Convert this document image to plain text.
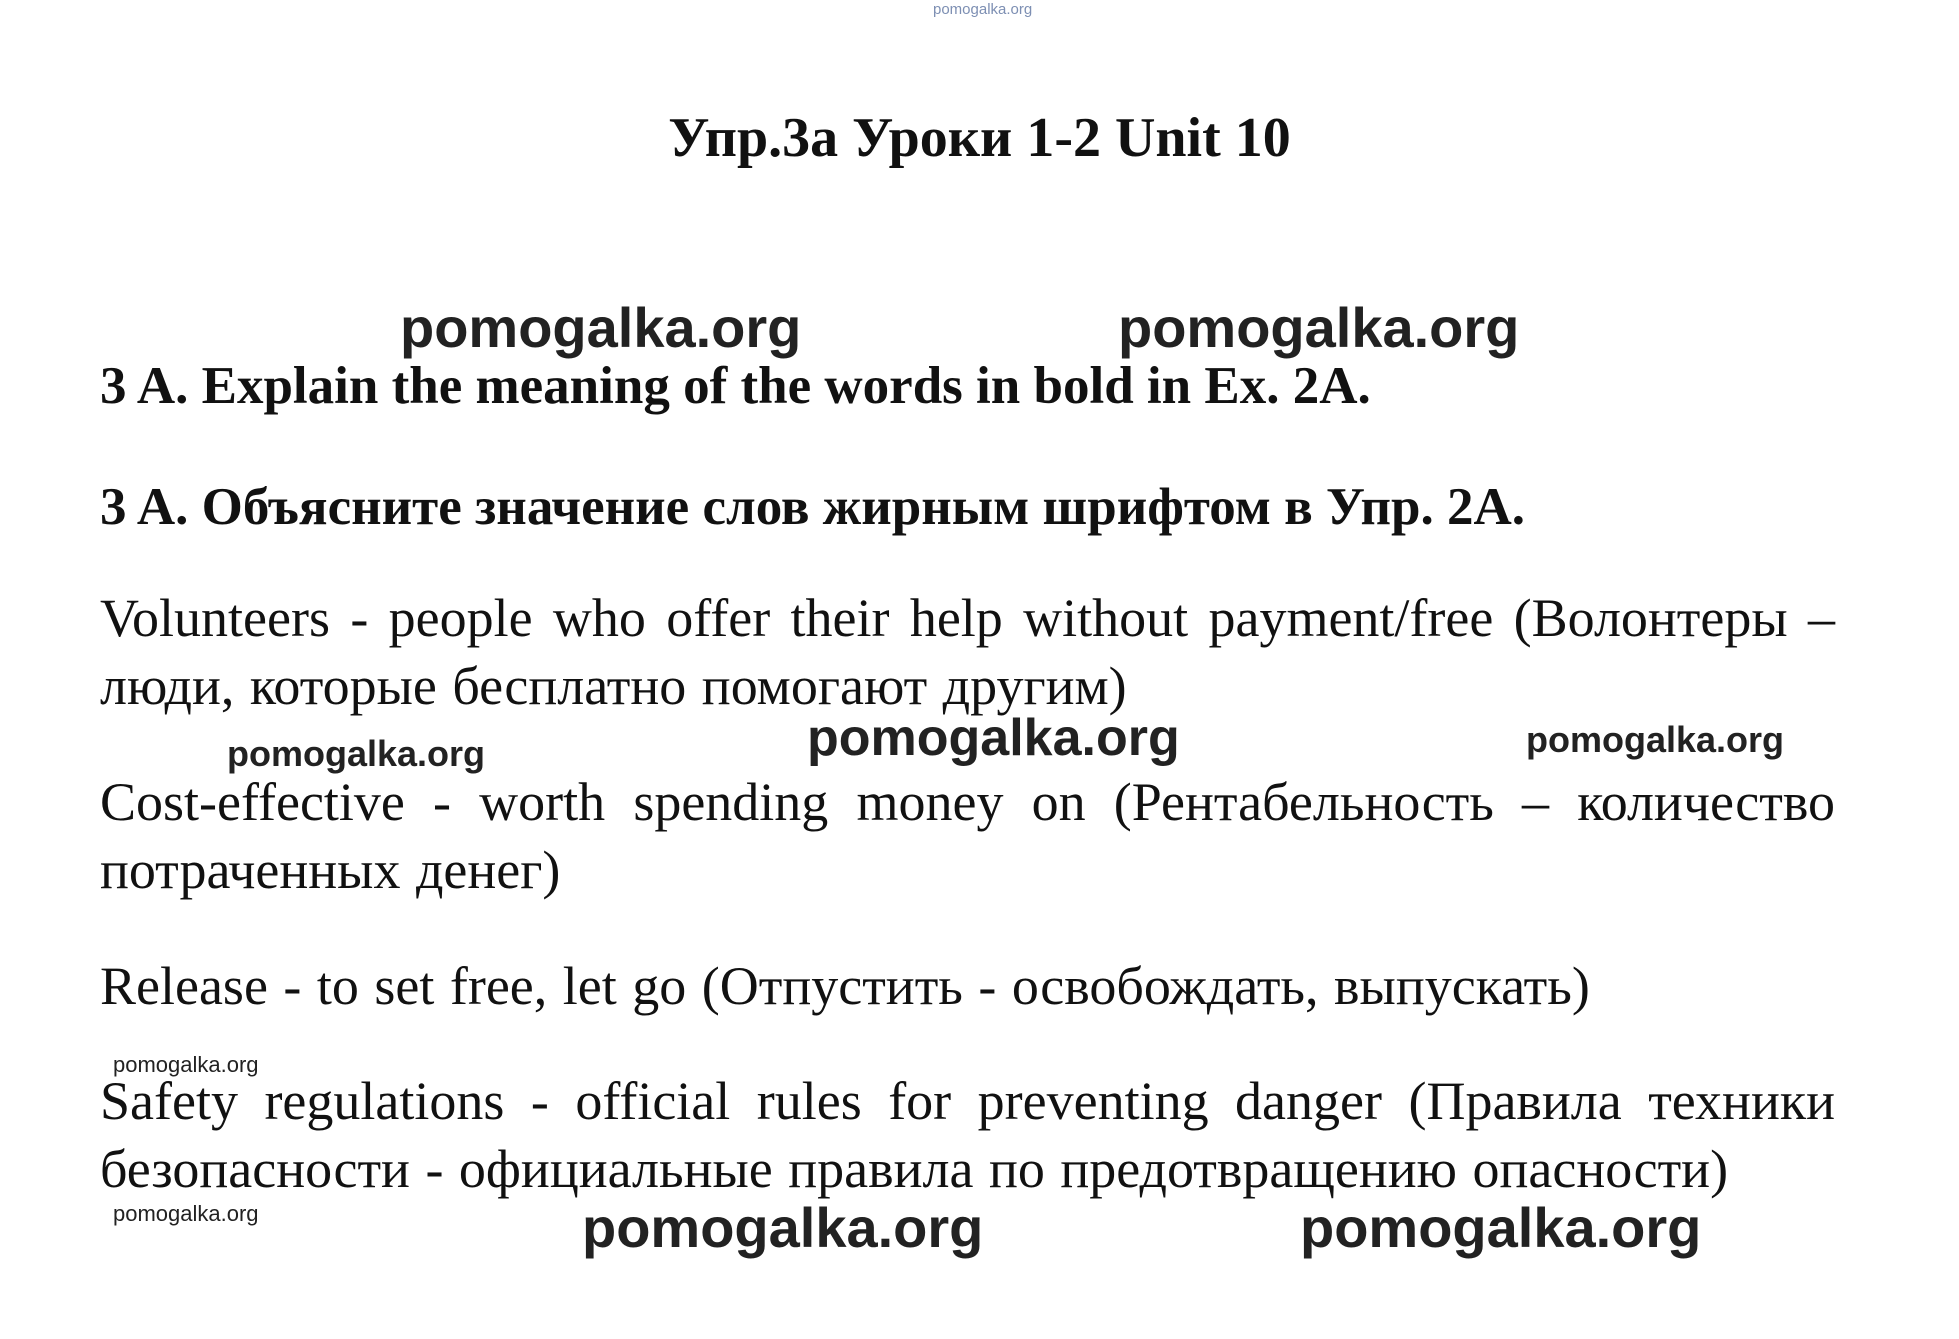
pomogalka.org
pomogalka.org	pomogalka.org
Упр.3а Уроки 1-2 Unit 10
3 A. Explain the meaning of the words in bold in Ex. 2A.
3 A. Объясните значение слов жирным шрифтом в Упр. 2A.
Volunteers - people who offer their help without payment/free (Волонтеры – люди, которые бесплатно помогают другим)
pomogalka.org
pomogalka.org	pomogalka.org
Cost-effective - worth spending money on (Рентабельность – количество потраченных денег)
Release - to set free, let go (Отпустить - освобождать, выпускать)
pomogalka.org
Safety regulations - official rules for preventing danger (Правила техники безопасности - официальные правила по предотвращению опасности)
pomogalka.org	pomogalka.org	pomogalka.org
